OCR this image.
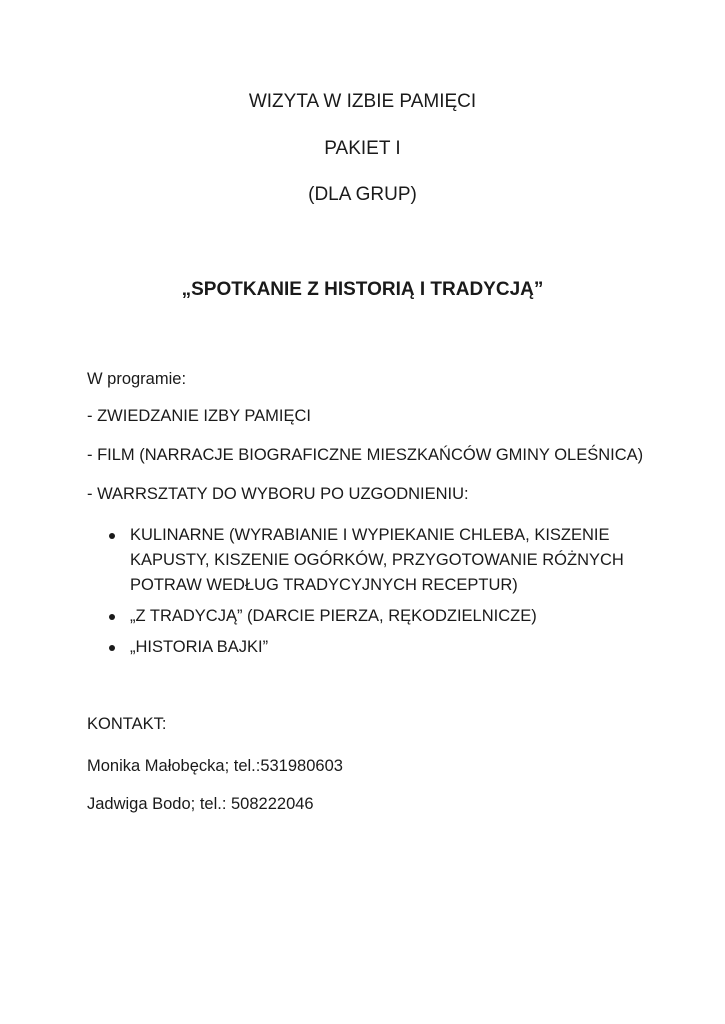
WIZYTA W IZBIE PAMIĘCI
PAKIET I
(DLA GRUP)
„SPOTKANIE Z HISTORIĄ I TRADYCJĄ”
W programie:
- ZWIEDZANIE IZBY PAMIĘCI
- FILM (NARRACJE BIOGRAFICZNE MIESZKAŃCÓW GMINY OLEŚNICA)
- WARRSZTATY DO WYBORU PO UZGODNIENIU:
KULINARNE (WYRABIANIE I WYPIEKANIE CHLEBA, KISZENIE
KAPUSTY, KISZENIE OGÓRKÓW, PRZYGOTOWANIE RÓŻNYCH
POTRAW WEDŁUG TRADYCYJNYCH RECEPTUR)
„Z TRADYCJĄ” (DARCIE PIERZA, RĘKODZIELNICZE)
„HISTORIA BAJKI”
KONTAKT:
Monika Małobęcka; tel.:531980603
Jadwiga Bodo; tel.: 508222046
